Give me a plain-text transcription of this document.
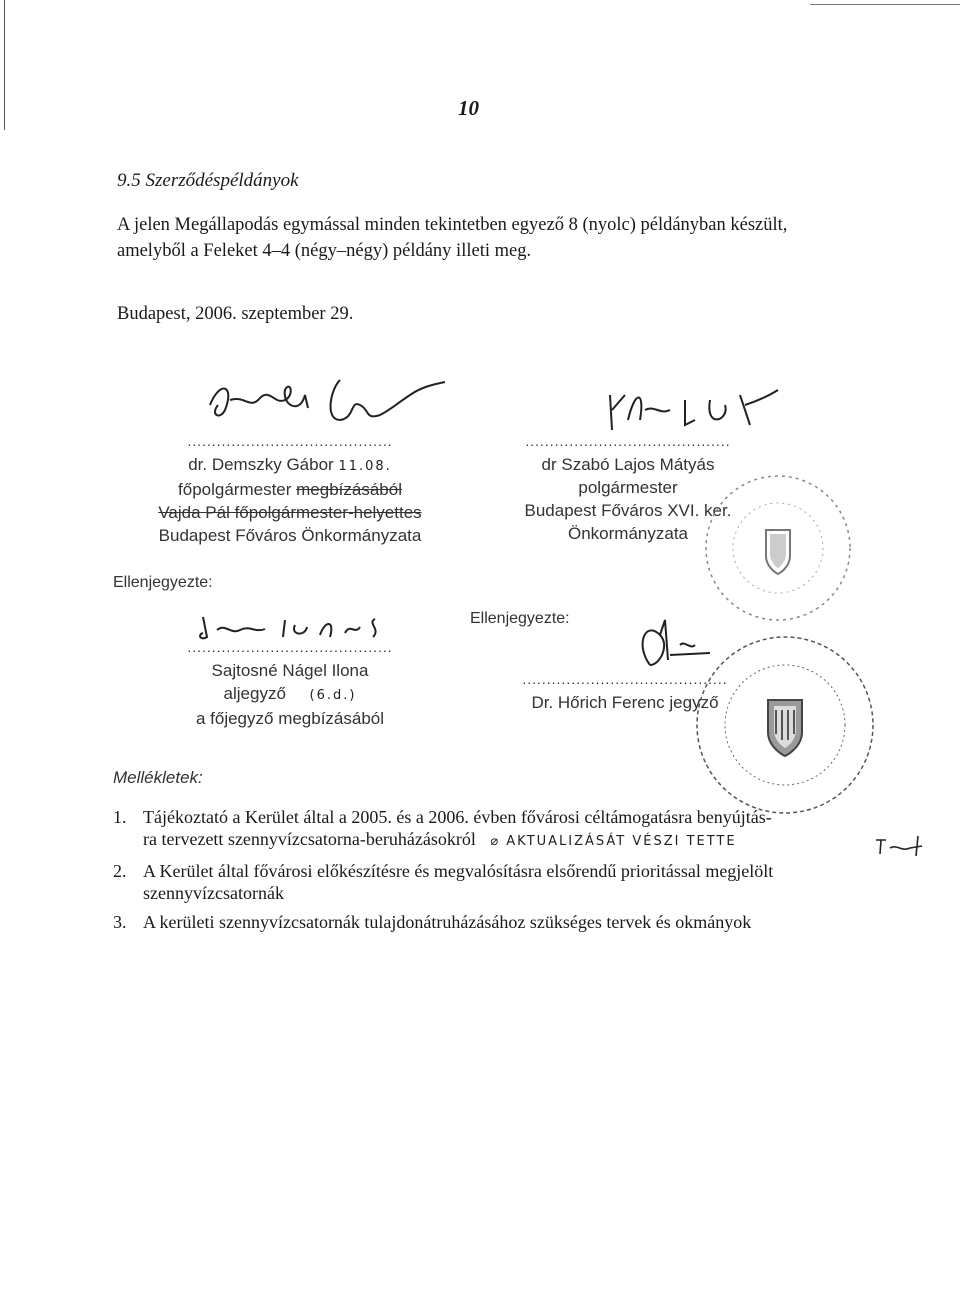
10
9.5 Szerződéspéldányok
A jelen Megállapodás egymással minden tekintetben egyező 8 (nyolc) példányban készült,
amelyből a Feleket 4–4 (négy–négy) példány illeti meg.
Budapest, 2006. szeptember 29.
..........................................
dr. Demszky Gábor 11.08.
főpolgármester megbízásából
Vajda Pál főpolgármester-helyettes
Budapest Főváros Önkormányzata
..........................................
dr Szabó Lajos Mátyás
polgármester
Budapest Főváros XVI. ker. Önkormányzata
Ellenjegyezte:
..........................................
Sajtosné Nágel Ilona
aljegyző (6.d.)
a főjegyző megbízásából
Ellenjegyezte:
..........................................
Dr. Hőrich Ferenc jegyző
Mellékletek:
1. Tájékoztató a Kerület által a 2005. és a 2006. évben fővárosi céltámogatásra benyújtás-
ra tervezett szennyvízcsatorna-beruházásokról ⌀ AKTUALIZÁSÁT VÉSZI TETTE
2. A Kerület által fővárosi előkészítésre és megvalósításra elsőrendű prioritással megjelölt
szennyvízcsatornák
3. A kerületi szennyvízcsatornák tulajdonátruházásához szükséges tervek és okmányok
